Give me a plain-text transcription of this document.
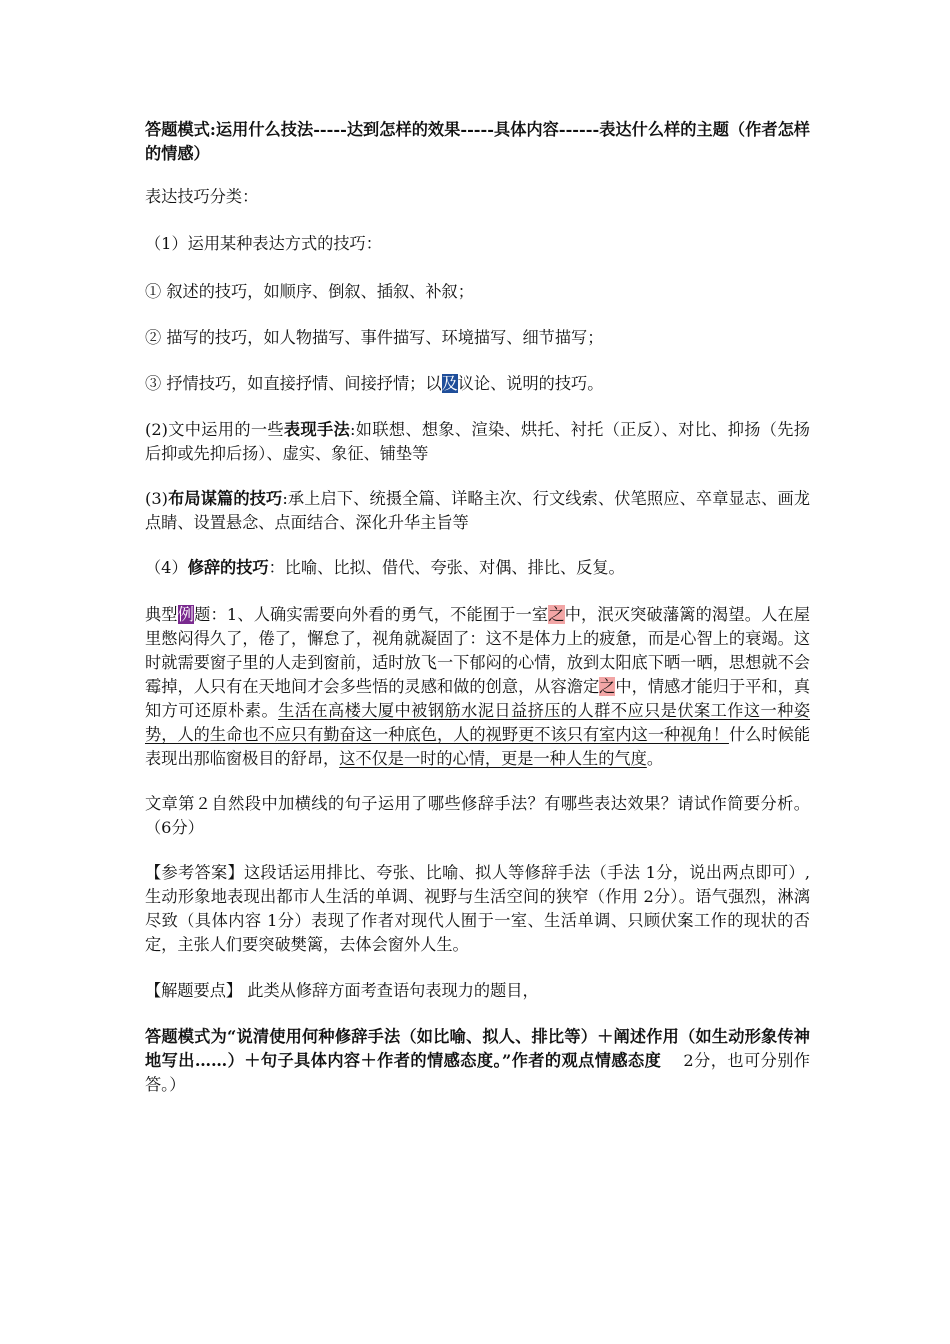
答题模式:运用什么技法-----达到怎样的效果-----具体内容------表达什么样的主题（作者怎样的情感）

表达技巧分类：

（1）运用某种表达方式的技巧：

① 叙述的技巧，如顺序、倒叙、插叙、补叙；

② 描写的技巧，如人物描写、事件描写、环境描写、细节描写；

③ 抒情技巧，如直接抒情、间接抒情；以及议论、说明的技巧。

(2)文中运用的一些表现手法:如联想、想象、渲染、烘托、衬托（正反）、对比、抑扬（先扬后抑或先抑后扬）、虚实、象征、铺垫等

(3)布局谋篇的技巧:承上启下、统摄全篇、详略主次、行文线索、伏笔照应、卒章显志、画龙点睛、设置悬念、点面结合、深化升华主旨等

（4）修辞的技巧：比喻、比拟、借代、夸张、对偶、排比、反复。

典型例题：1、人确实需要向外看的勇气，不能囿于一室之中，泯灭突破藩篱的渴望。人在屋里憋闷得久了，倦了，懈怠了，视角就凝固了：这不是体力上的疲惫，而是心智上的衰竭。这时就需要窗子里的人走到窗前，适时放飞一下郁闷的心情，放到太阳底下晒一晒，思想就不会霉掉，人只有在天地间才会多些悟的灵感和做的创意，从容澹定之中，情感才能归于平和，真知方可还原朴素。生活在高楼大厦中被钢筋水泥日益挤压的人群不应只是伏案工作这一种姿势，人的生命也不应只有勤奋这一种底色，人的视野更不该只有室内这一种视角！什么时候能表现出那临窗极目的舒昂，这不仅是一时的心情，更是一种人生的气度。

文章第２自然段中加横线的句子运用了哪些修辞手法？有哪些表达效果？请试作简要分析。（6分）

【参考答案】这段话运用排比、夸张、比喻、拟人等修辞手法（手法 1分，说出两点即可）,生动形象地表现出都市人生活的单调、视野与生活空间的狭窄（作用 2分）。语气强烈，淋漓尽致（具体内容 1分）表现了作者对现代人囿于一室、生活单调、只顾伏案工作的现状的否定，主张人们要突破樊篱，去体会窗外人生。

【解题要点】 此类从修辞方面考查语句表现力的题目，

答题模式为“说清使用何种修辞手法（如比喻、拟人、排比等）＋阐述作用（如生动形象传神地写出……）＋句子具体内容＋作者的情感态度。”作者的观点情感态度　 2分，也可分别作答。）
